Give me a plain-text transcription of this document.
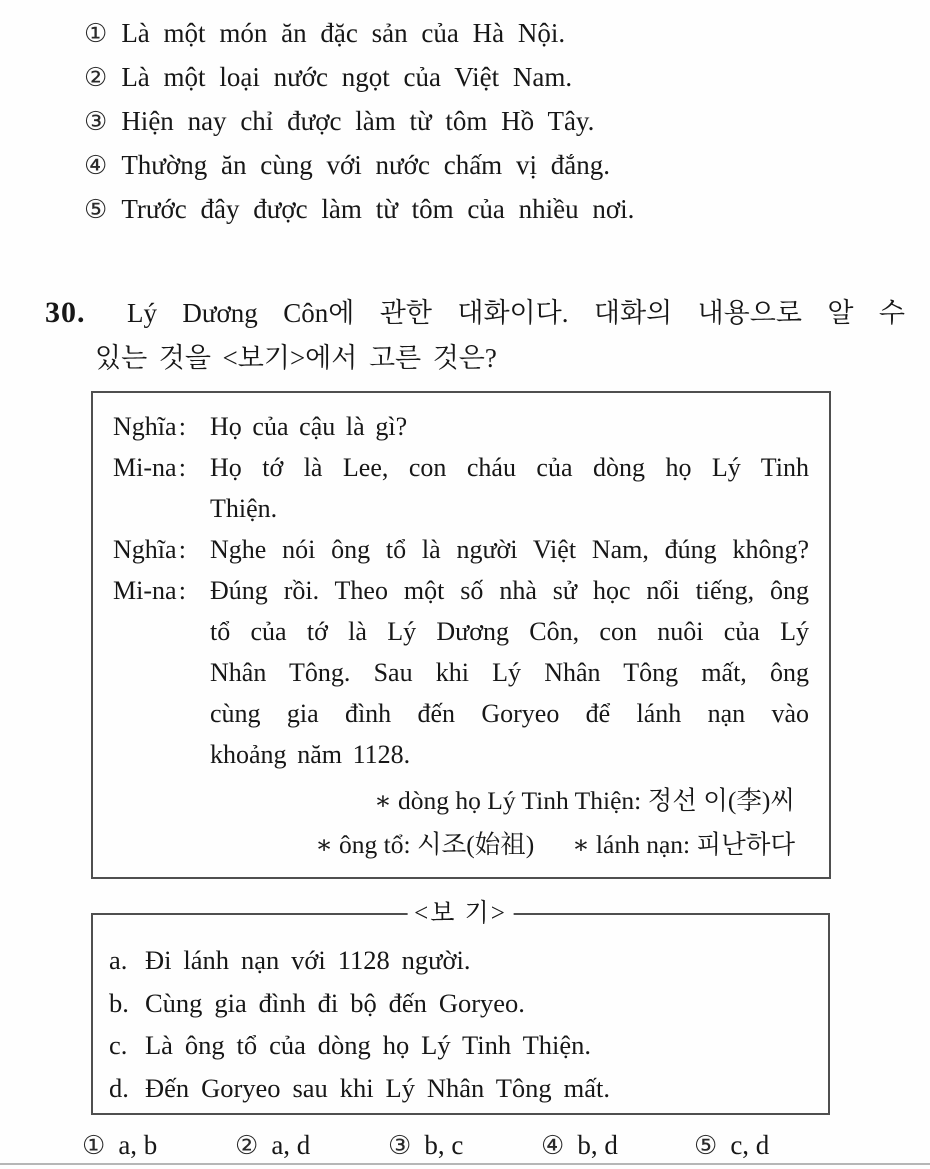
① Là một món ăn đặc sản của Hà Nội.
② Là một loại nước ngọt của Việt Nam.
③ Hiện nay chỉ được làm từ tôm Hồ Tây.
④ Thường ăn cùng với nước chấm vị đắng.
⑤ Trước đây được làm từ tôm của nhiều nơi.
30. Lý Dương Côn에 관한 대화이다. 대화의 내용으로 알 수
있는 것을 <보기>에서 고른 것은?
Nghĩa
: Họ của cậu là gì?
Mi-na
: Họ tớ là Lee, con cháu của dòng họ Lý Tinh
Thiện.
Nghĩa
: Nghe nói ông tổ là người Việt Nam, đúng không?
Mi-na
: Đúng rồi. Theo một số nhà sử học nổi tiếng, ông
tổ của tớ là Lý Dương Côn, con nuôi của Lý
Nhân Tông. Sau khi Lý Nhân Tông mất, ông
cùng gia đình đến Goryeo để lánh nạn vào
khoảng năm 1128.
∗ dòng họ Lý Tinh Thiện: 정선 이(李)씨
∗ ông tổ: 시조(始祖) ∗ lánh nạn: 피난하다
<보 기>
a. Đi lánh nạn với 1128 người.
b. Cùng gia đình đi bộ đến Goryeo.
c. Là ông tổ của dòng họ Lý Tinh Thiện.
d. Đến Goryeo sau khi Lý Nhân Tông mất.
① a, b	② a, d	③ b, c	④ b, d	⑤ c, d
